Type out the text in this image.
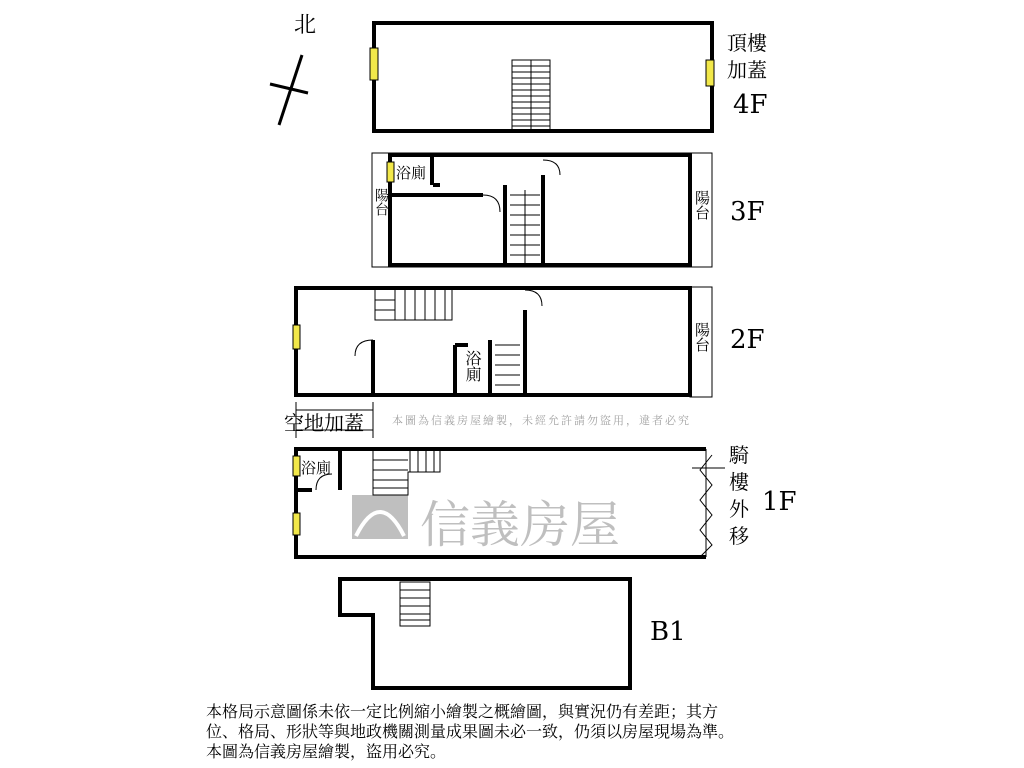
信義房屋
本圖為信義房屋繪製，未經允許請勿盜用，違者必究
北
頂樓
加蓋
4F
浴廁
3F
2F
空地加蓋
浴廁
騎
樓
外
移
1F
B1
陽台	陽台
陽台
浴廁
本格局示意圖係未依一定比例縮小繪製之概繪圖，與實況仍有差距；其方
位、格局、形狀等與地政機關測量成果圖未必一致，仍須以房屋現場為準。
本圖為信義房屋繪製，盜用必究。
